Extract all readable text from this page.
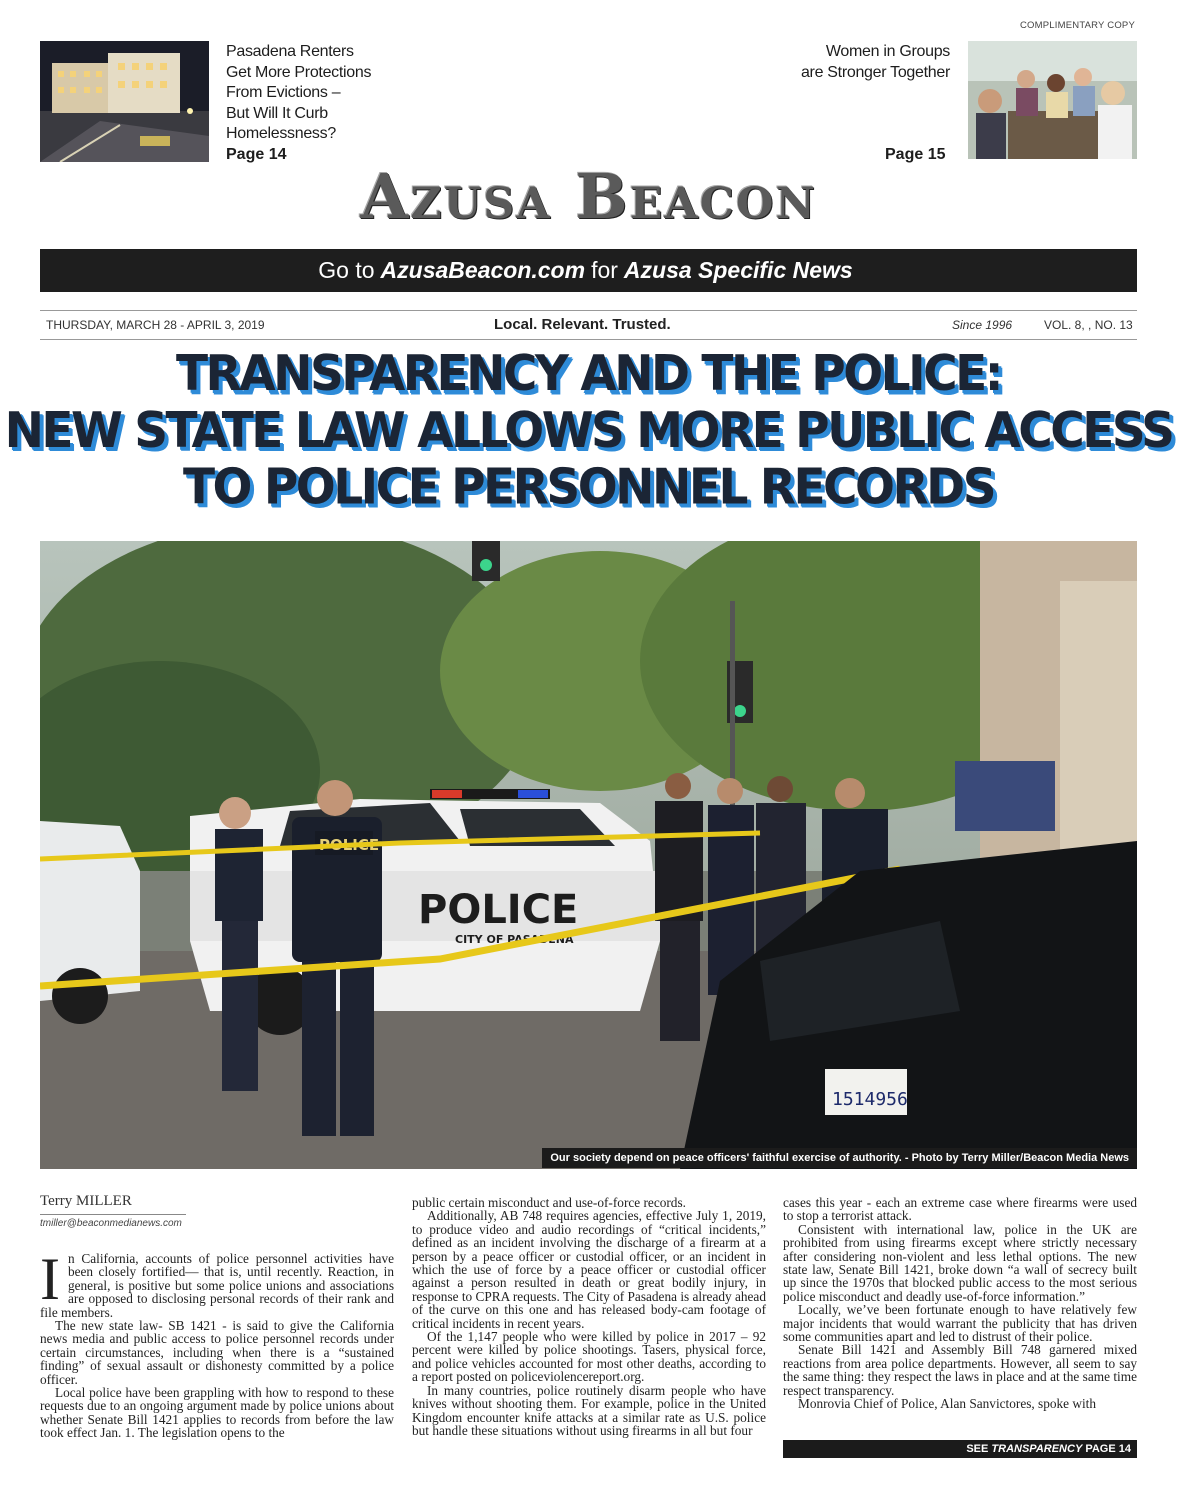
COMPLIMENTARY COPY
Pasadena Renters
Get More Protections
From Evictions –
But Will It Curb
Homelessness?
Page 14
Women in Groups
are Stronger Together
Page 15
Azusa Beacon
Go to AzusaBeacon.com for Azusa Specific News
THURSDAY, MARCH 28 - APRIL 3, 2019	Local. Relevant. Trusted.	Since 1996	VOL. 8, , NO. 13
TRANSPARENCY AND THE POLICE:
NEW STATE LAW ALLOWS MORE PUBLIC ACCESS
TO POLICE PERSONNEL RECORDS
POLICE
CITY OF PASADENA
POLICE
1514956
Our society depend on peace officers' faithful exercise of authority. - Photo by Terry Miller/Beacon Media News
Terry MILLER
tmiller@beaconmedianews.com
I n California, accounts of police personnel activities have been closely fortified— that is, until recently. Reaction, in general, is positive but some police unions and associations are opposed to disclosing personal records of their rank and file members.

The new state law- SB 1421 - is said to give the California news media and public access to police personnel records under certain circumstances, including when there is a “sustained finding” of sexual assault or dishonesty committed by a police officer.

Local police have been grappling with how to respond to these requests due to an ongoing argument made by police unions about whether Senate Bill 1421 applies to records from before the law took effect Jan. 1. The legislation opens to the

public certain misconduct and use-of-force records.

Additionally, AB 748 requires agencies, effective July 1, 2019, to produce video and audio recordings of “critical incidents,” defined as an incident involving the discharge of a firearm at a person by a peace officer or custodial officer, or an incident in which the use of force by a peace officer or custodial officer against a person resulted in death or great bodily injury, in response to CPRA requests. The City of Pasadena is already ahead of the curve on this one and has released body-cam footage of critical incidents in recent years.

Of the 1,147 people who were killed by police in 2017 – 92 percent were killed by police shootings. Tasers, physical force, and police vehicles accounted for most other deaths, according to a report posted on policeviolencereport.org.

In many countries, police routinely disarm people who have knives without shooting them. For example, police in the United Kingdom encounter knife attacks at a similar rate as U.S. police but handle these situations without using firearms in all but four

cases this year - each an extreme case where firearms were used to stop a terrorist attack.

Consistent with international law, police in the UK are prohibited from using firearms except where strictly necessary after considering non-violent and less lethal options. The new state law, Senate Bill 1421, broke down “a wall of secrecy built up since the 1970s that blocked public access to the most serious police misconduct and deadly use-of-force information.”

Locally, we’ve been fortunate enough to have relatively few major incidents that would warrant the publicity that has driven some communities apart and led to distrust of their police.

Senate Bill 1421 and Assembly Bill 748 garnered mixed reactions from area police departments. However, all seem to say the same thing: they respect the laws in place and at the same time respect transparency.

Monrovia Chief of Police, Alan Sanvictores, spoke with

SEE TRANSPARENCY PAGE 14
